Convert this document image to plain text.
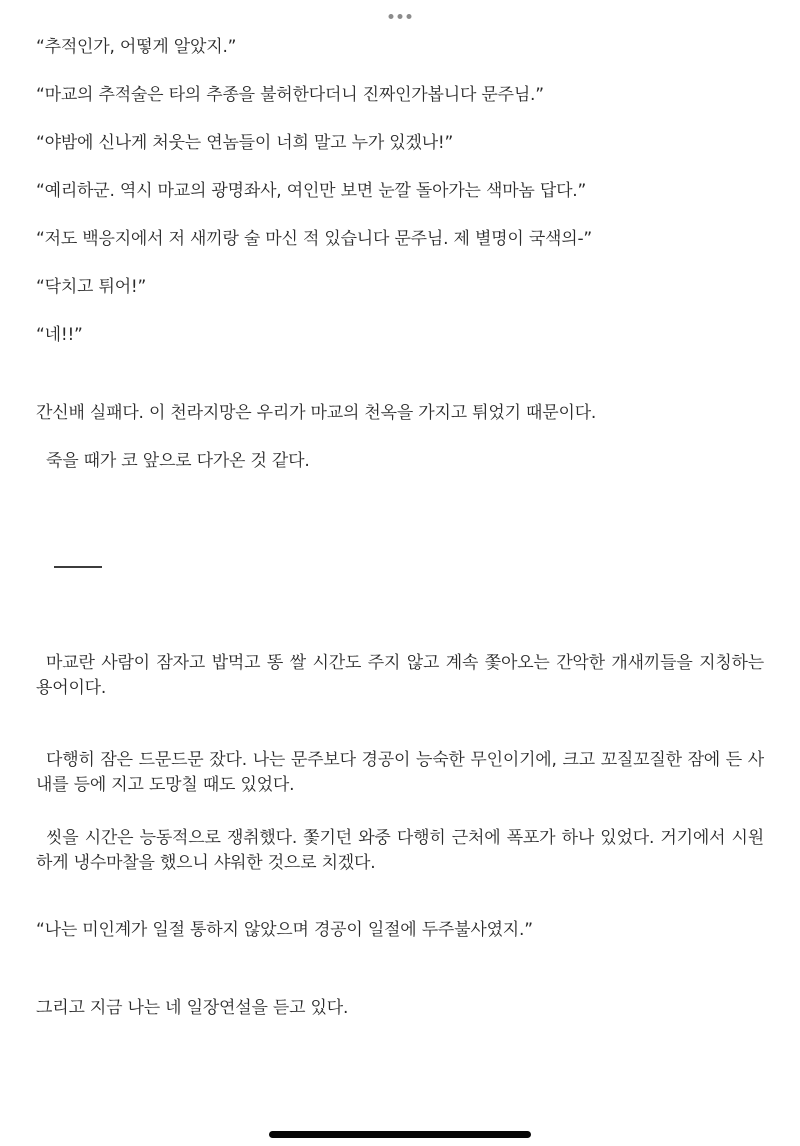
“추적인가, 어떻게 알았지.”

“마교의 추적술은 타의 추종을 불허한다더니 진짜인가봅니다 문주님.”

“야밤에 신나게 처웃는 연놈들이 너희 말고 누가 있겠나!”

“예리하군. 역시 마교의 광명좌사, 여인만 보면 눈깔 돌아가는 색마놈 답다.”

“저도 백응지에서 저 새끼랑 술 마신 적 있습니다 문주님. 제 별명이 국색의-”

“닥치고 튀어!”

“네!!”

간신배 실패다. 이 천라지망은 우리가 마교의 천옥을 가지고 튀었기 때문이다.

죽을 때가 코 앞으로 다가온 것 같다.

마교란 사람이 잠자고 밥먹고 똥 쌀 시간도 주지 않고 계속 쫓아오는 간악한 개새끼들을 지칭하는 용어이다.

다행히 잠은 드문드문 잤다. 나는 문주보다 경공이 능숙한 무인이기에, 크고 꼬질꼬질한 잠에 든 사내를 등에 지고 도망칠 때도 있었다.

씻을 시간은 능동적으로 쟁취했다. 쫓기던 와중 다행히 근처에 폭포가 하나 있었다. 거기에서 시원하게 냉수마찰을 했으니 샤워한 것으로 치겠다.

“나는 미인계가 일절 통하지 않았으며 경공이 일절에 두주불사였지.”

그리고 지금 나는 네 일장연설을 듣고 있다.
